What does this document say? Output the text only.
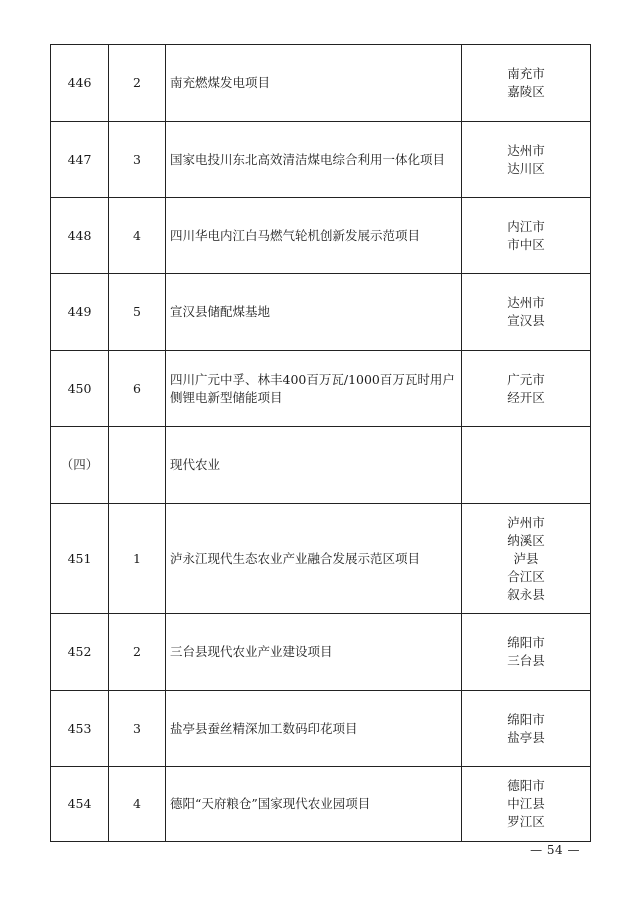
446	2	南充燃煤发电项目	南充市
嘉陵区

447	3	国家电投川东北高效清洁煤电综合利用一体化项目	达州市
达川区

448	4	四川华电内江白马燃气轮机创新发展示范项目	内江市
市中区

449	5	宣汉县储配煤基地	达州市
宣汉县

450	6	四川广元中孚、林丰400百万瓦/1000百万瓦时用户侧锂电新型储能项目	广元市
经开区

（四）		现代农业	
451	1	泸永江现代生态农业产业融合发展示范区项目	泸州市
纳溪区
泸县
合江区
叙永县

452	2	三台县现代农业产业建设项目	绵阳市
三台县

453	3	盐亭县蚕丝精深加工数码印花项目	绵阳市
盐亭县

454	4	德阳“天府粮仓”国家现代农业园项目	德阳市
中江县
罗江区
— 54 —
